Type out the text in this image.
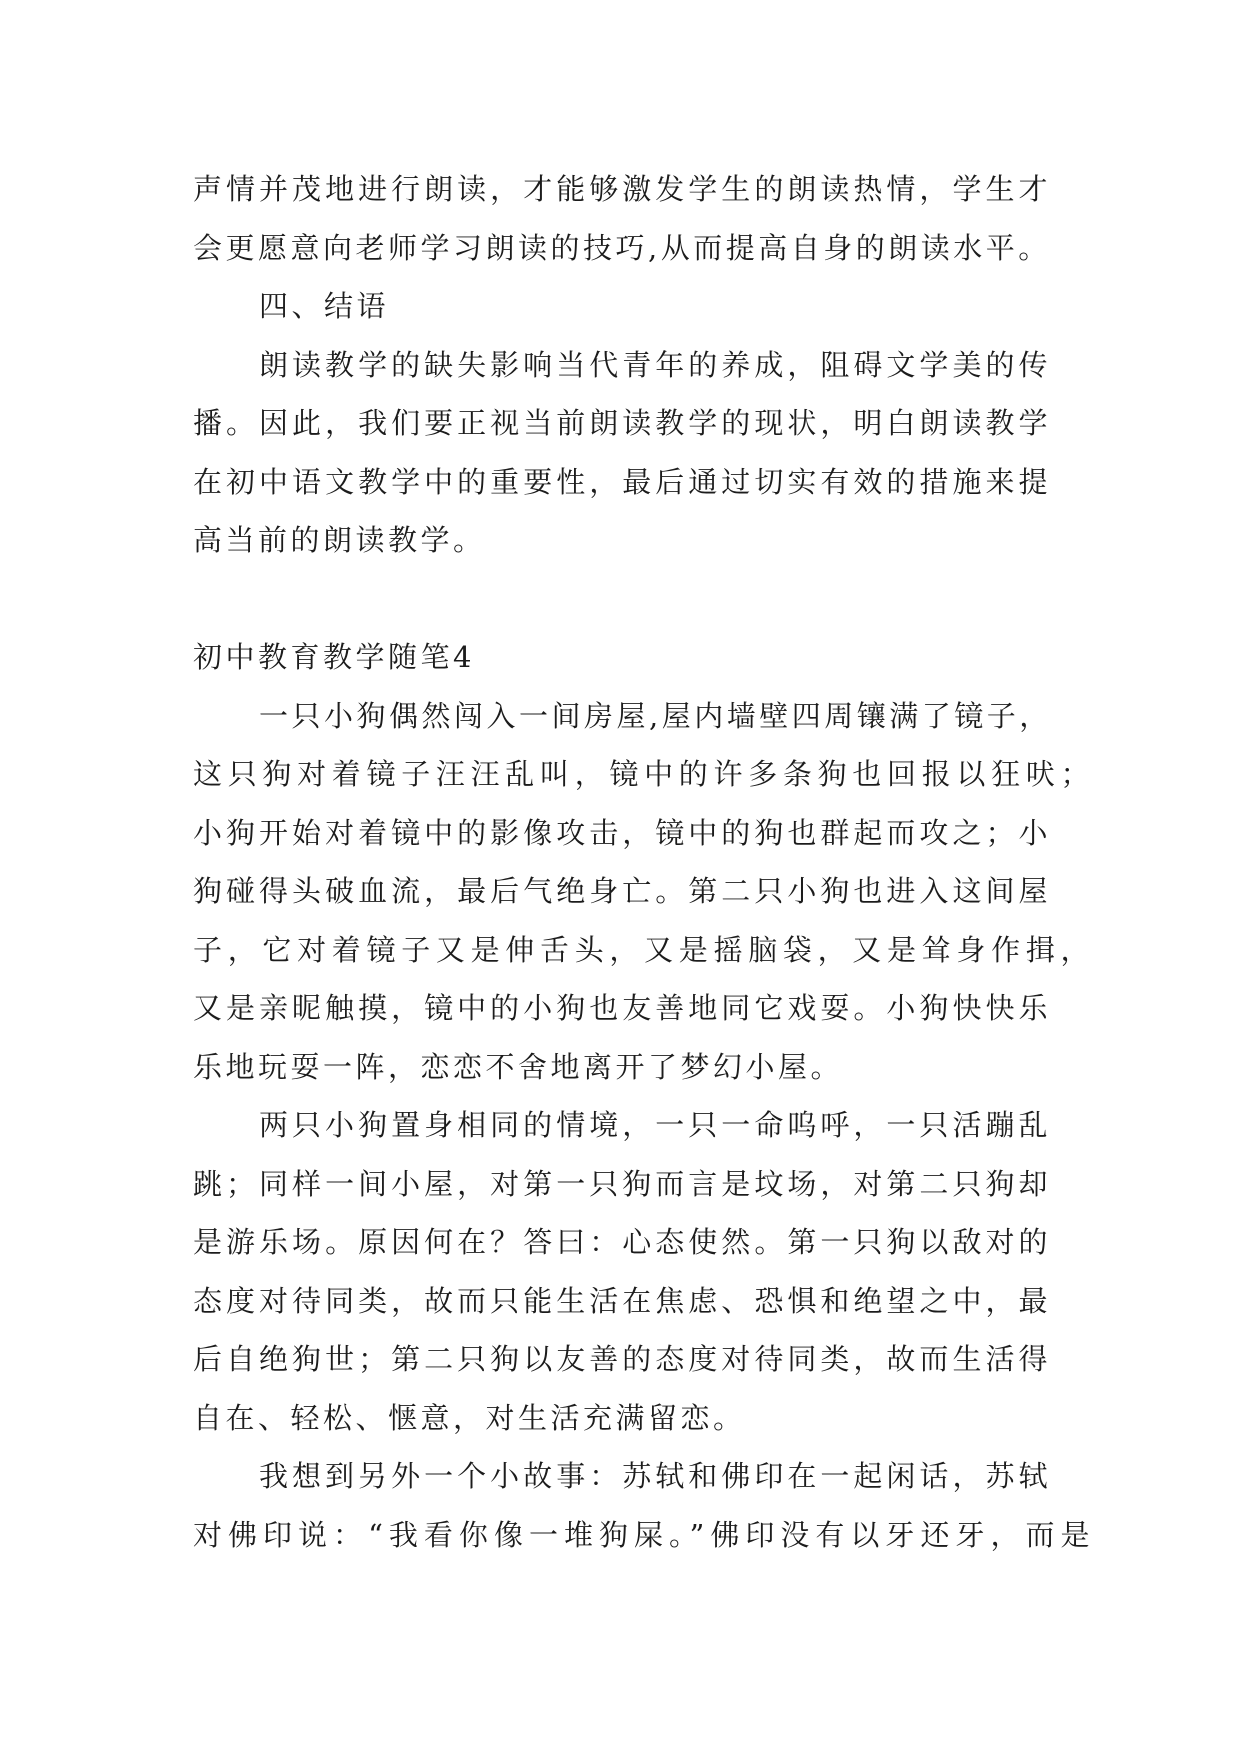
声情并茂地进行朗读，才能够激发学生的朗读热情，学生才
会更愿意向老师学习朗读的技巧,从而提高自身的朗读水平。
四、结语
朗读教学的缺失影响当代青年的养成，阻碍文学美的传
播。因此，我们要正视当前朗读教学的现状，明白朗读教学
在初中语文教学中的重要性，最后通过切实有效的措施来提
高当前的朗读教学。
初中教育教学随笔4
一只小狗偶然闯入一间房屋,屋内墙壁四周镶满了镜子，
这只狗对着镜子汪汪乱叫，镜中的许多条狗也回报以狂吠；
小狗开始对着镜中的影像攻击，镜中的狗也群起而攻之；小
狗碰得头破血流，最后气绝身亡。第二只小狗也进入这间屋
子，它对着镜子又是伸舌头，又是摇脑袋，又是耸身作揖，
又是亲昵触摸，镜中的小狗也友善地同它戏耍。小狗快快乐
乐地玩耍一阵，恋恋不舍地离开了梦幻小屋。
两只小狗置身相同的情境，一只一命呜呼，一只活蹦乱
跳；同样一间小屋，对第一只狗而言是坟场，对第二只狗却
是游乐场。原因何在？答曰：心态使然。第一只狗以敌对的
态度对待同类，故而只能生活在焦虑、恐惧和绝望之中，最
后自绝狗世；第二只狗以友善的态度对待同类，故而生活得
自在、轻松、惬意，对生活充满留恋。
我想到另外一个小故事：苏轼和佛印在一起闲话，苏轼
对佛印说：“我看你像一堆狗屎。”佛印没有以牙还牙，而是
